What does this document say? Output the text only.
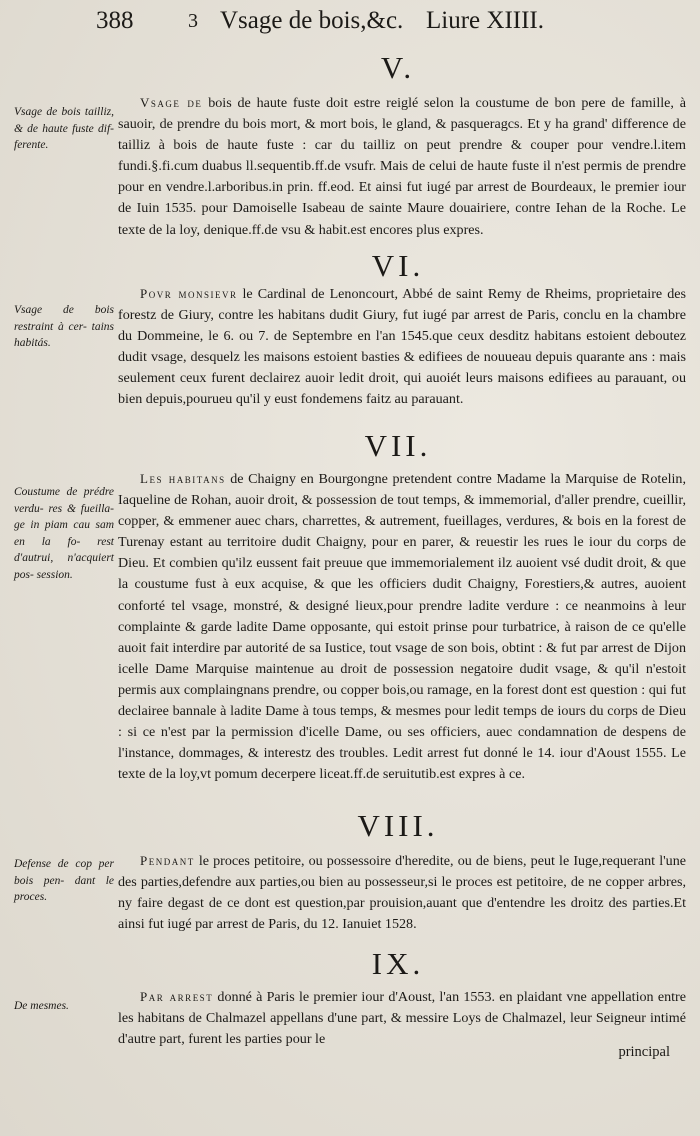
388	3 Vsage de bois,&c. Liure XIIII.
V.

Vsage de bois de haute fuste doit estre reiglé selon la coustume de bon pere de famille, à sauoir, de prendre du bois mort, & mort bois, le gland, & pasqueragcs. Et y ha grand' difference de tailliz à bois de haute fuste : car du tailliz on peut prendre & couper pour vendre.l.item fundi.§.fi.cum duabus ll.sequentib.ff.de vsufr. Mais de celui de haute fuste il n'est permis de prendre pour en vendre.l.arboribus.in prin. ff.eod. Et ainsi fut iugé par arrest de Bourdeaux, le premier iour de Iuin 1535. pour Damoiselle Isabeau de sainte Maure douairiere, contre Iehan de la Roche. Le texte de la loy, denique.ff.de vsu & habit.est encores plus expres.

Vsage de bois tailliz, & de haute fuste dif- ferente.
VI.

Povr monsievr le Cardinal de Lenoncourt, Abbé de saint Remy de Rheims, proprietaire des forestz de Giury, contre les habitans dudit Giury, fut iugé par arrest de Paris, conclu en la chambre du Dommeine, le 6. ou 7. de Septembre en l'an 1545.que ceux desditz habitans estoient deboutez dudit vsage, desquelz les maisons estoient basties & edifiees de nouueau depuis quarante ans : mais seulement ceux furent declairez auoir ledit droit, qui auoiét leurs maisons edifiees au parauant, ou bien depuis,pourueu qu'il y eust fondemens faitz au parauant.

Vsage de bois restraint à cer- tains habitás.
VII.

Les habitans de Chaigny en Bourgongne pretendent contre Madame la Marquise de Rotelin, Iaqueline de Rohan, auoir droit, & possession de tout temps, & immemorial, d'aller prendre, cueillir, copper, & emmener auec chars, charrettes, & autrement, fueillages, verdures, & bois en la forest de Turenay estant au territoire dudit Chaigny, pour en parer, & reuestir les rues le iour du corps de Dieu. Et combien qu'ilz eussent fait preuue que immemorialement ilz auoient vsé dudit droit, & que la coustume fust à eux acquise, & que les officiers dudit Chaigny, Forestiers,& autres, auoient conforté tel vsage, monstré, & designé lieux,pour prendre ladite verdure : ce neanmoins à leur complainte & garde ladite Dame opposante, qui estoit prinse pour turbatrice, à raison de ce qu'elle auoit fait interdire par autorité de sa Iustice, tout vsage de son bois, obtint : & fut par arrest de Dijon icelle Dame Marquise maintenue au droit de possession negatoire dudit vsage, & qu'il n'estoit permis aux complaingnans prendre, ou copper bois,ou ramage, en la forest dont est question : qui fut declairee bannale à ladite Dame à tous temps, & mesmes pour ledit temps de iours du corps de Dieu : si ce n'est par la permission d'icelle Dame, ou ses officiers, auec condamnation de despens de l'instance, dommages, & interestz des troubles. Ledit arrest fut donné le 14. iour d'Aoust 1555. Le texte de la loy,vt pomum decerpere liceat.ff.de seruitutib.est expres à ce.

Coustume de prédre verdu- res & fueilla- ge in piam cau sam en la fo- rest d'autrui, n'acquiert pos- session.
VIII.

Pendant le proces petitoire, ou possessoire d'heredite, ou de biens, peut le Iuge,requerant l'une des parties,defendre aux parties,ou bien au possesseur,si le proces est petitoire, de ne copper arbres, ny faire degast de ce dont est question,par prouision,auant que d'entendre les droitz des parties.Et ainsi fut iugé par arrest de Paris, du 12. Ianuiet 1528.

Defense de cop per bois pen- dant le proces.
IX.

Par arrest donné à Paris le premier iour d'Aoust, l'an 1553. en plaidant vne appellation entre les habitans de Chalmazel appellans d'une part, & messire Loys de Chalmazel, leur Seigneur intimé d'autre part, furent les parties pour le

De mesmes.
principal
